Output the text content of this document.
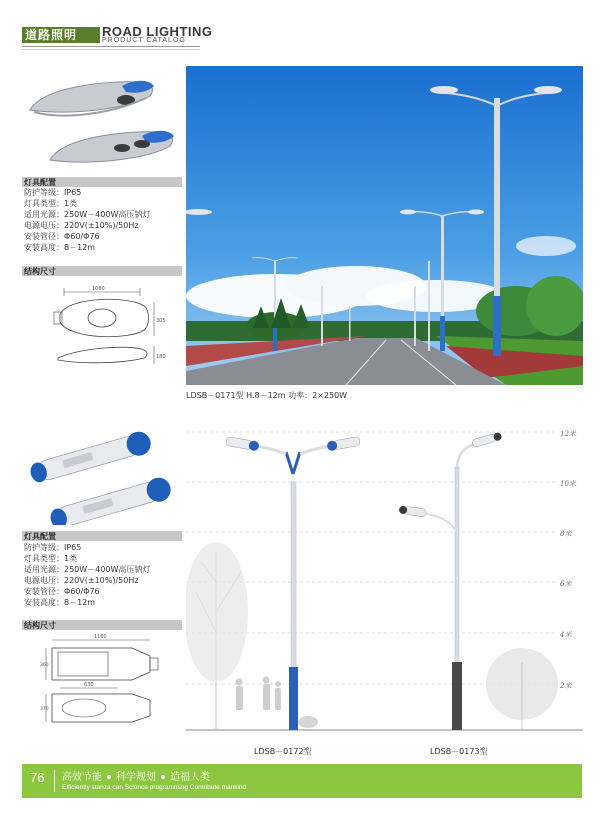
道路照明	ROAD LIGHTING
PRODUCT CATALOG
灯具配置
防护等级：IP65
灯具类型：1类
适用光源：250W－400W高压钠灯
电源电压：220V(±10%)/50Hz
安装管径：Φ60/Φ76
安装高度：8－12m
结构尺寸
1080
305
180
LDSB－0171型 H.8－12m 功率：2×250W
灯具配置
防护等级：IP65
灯具类型：1类
适用光源：250W－400W高压钠灯
电源电压：220V(±10%)/50Hz
安装管径：Φ60/Φ76
安装高度：8－12m
结构尺寸
1160
360
630
370
12米
10米
8米
6米
4米
2米
LDSB－0172型	LDSB－0173型
76 高效节能 科学规划 造福人类
Efficiently stanza can Science programming Contribute mankind
